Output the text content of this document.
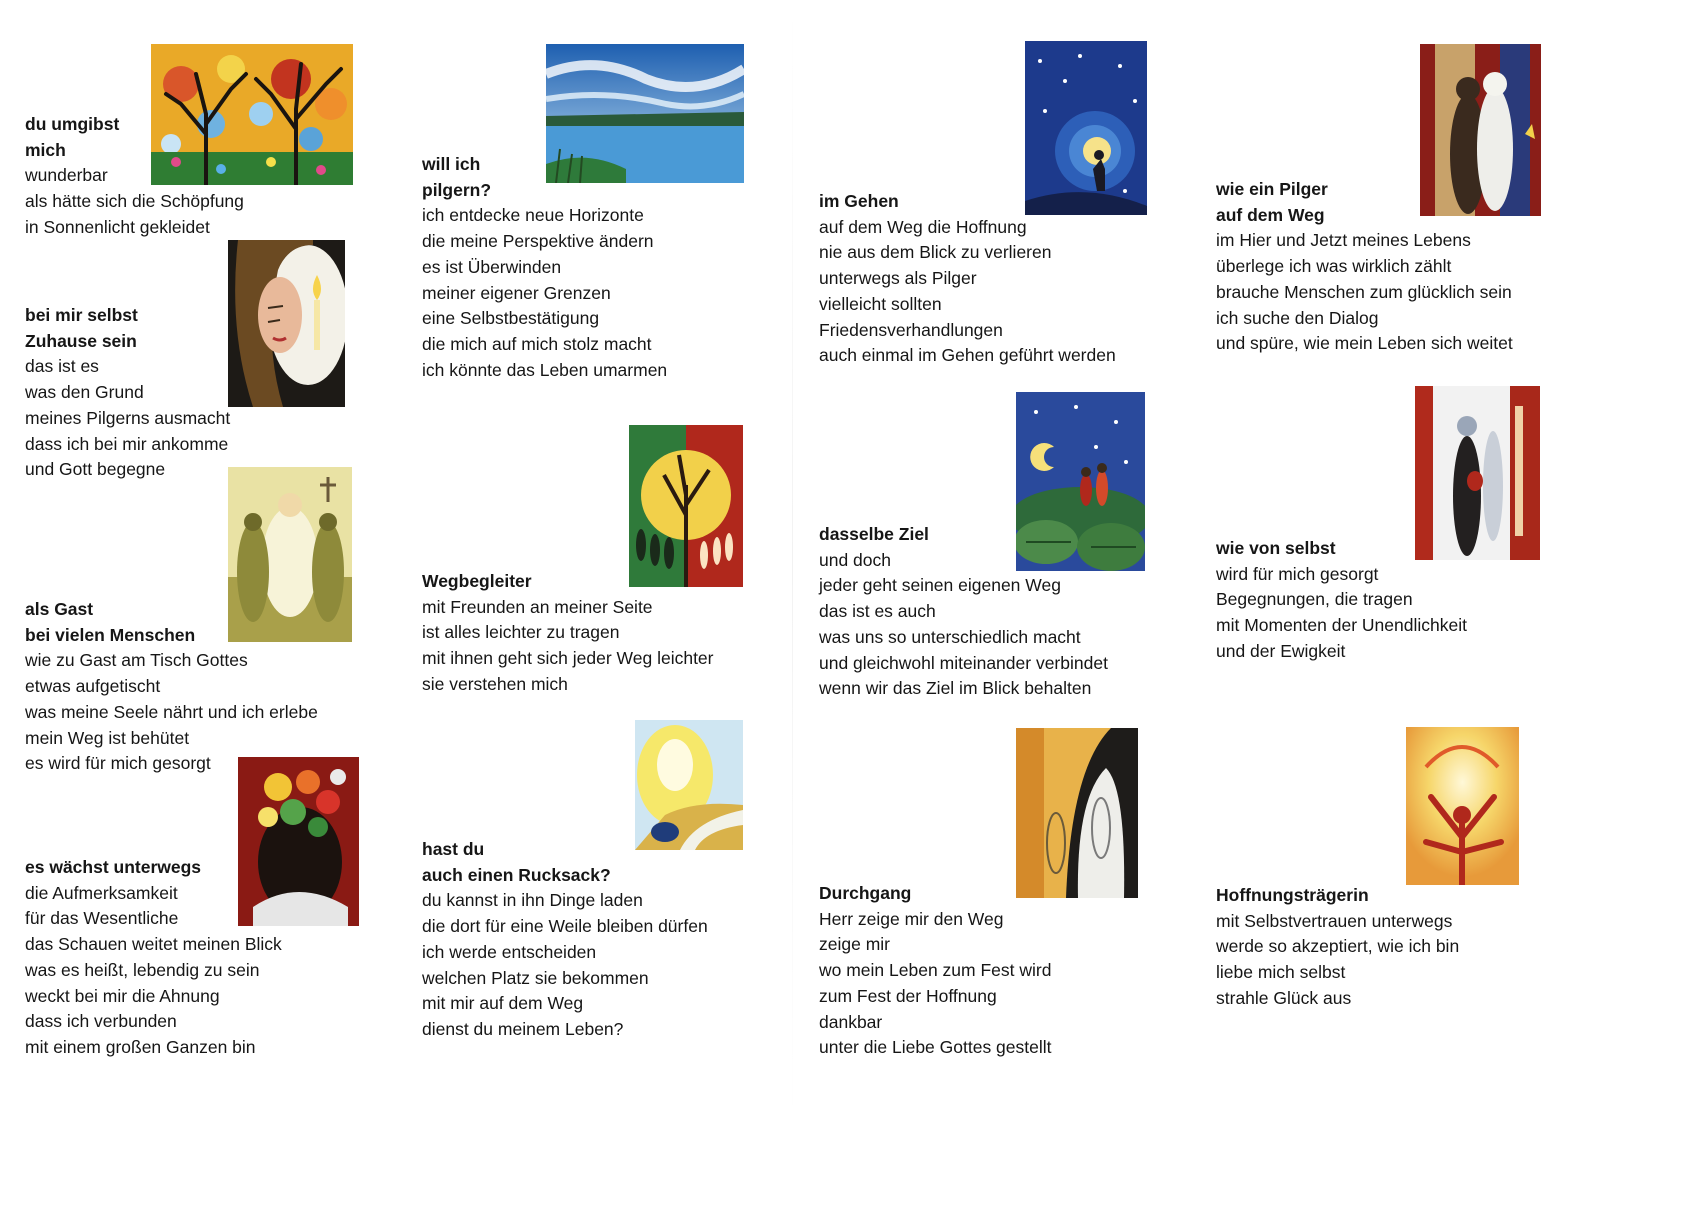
du umgibst
mich
wunderbar
als hätte sich die Schöpfung
in Sonnenlicht gekleidet
bei mir selbst
Zuhause sein
das ist es
was den Grund
meines Pilgerns ausmacht
dass ich bei mir ankomme
und Gott begegne
als Gast
bei vielen Menschen
wie zu Gast am Tisch Gottes
etwas aufgetischt
was meine Seele nährt und ich erlebe
mein Weg ist behütet
es wird für mich gesorgt
es wächst unterwegs
die Aufmerksamkeit
für das Wesentliche
das Schauen weitet meinen Blick
was es heißt, lebendig zu sein
weckt bei mir die Ahnung
dass ich verbunden
mit einem großen Ganzen bin
will ich
pilgern?
ich entdecke neue Horizonte
die meine Perspektive ändern
es ist Überwinden
meiner eigener Grenzen
eine Selbstbestätigung
die mich auf mich stolz macht
ich könnte das Leben umarmen
Wegbegleiter
mit Freunden an meiner Seite
ist alles leichter zu tragen
mit ihnen geht sich jeder Weg leichter
sie verstehen mich
hast du
auch einen Rucksack?
du kannst in ihn Dinge laden
die dort für eine Weile bleiben dürfen
ich werde entscheiden
welchen Platz sie bekommen
mit mir auf dem Weg
dienst du meinem Leben?
im Gehen
auf dem Weg die Hoffnung
nie aus dem Blick zu verlieren
unterwegs als Pilger
vielleicht sollten
Friedensverhandlungen
auch einmal im Gehen geführt werden
dasselbe Ziel
und doch
jeder geht seinen eigenen Weg
das ist es auch
was uns so unterschiedlich macht
und gleichwohl miteinander verbindet
wenn wir das Ziel im Blick behalten
Durchgang
Herr zeige mir den Weg
zeige mir
wo mein Leben zum Fest wird
zum Fest der Hoffnung
dankbar
unter die Liebe Gottes gestellt
wie ein Pilger
auf dem Weg
im Hier und Jetzt meines Lebens
überlege ich was wirklich zählt
brauche Menschen zum glücklich sein
ich suche den Dialog
und spüre, wie mein Leben sich weitet
wie von selbst
wird für mich gesorgt
Begegnungen, die tragen
mit Momenten der Unendlichkeit
und der Ewigkeit
Hoffnungsträgerin
mit Selbstvertrauen unterwegs
werde so akzeptiert, wie ich bin
liebe mich selbst
strahle Glück aus
